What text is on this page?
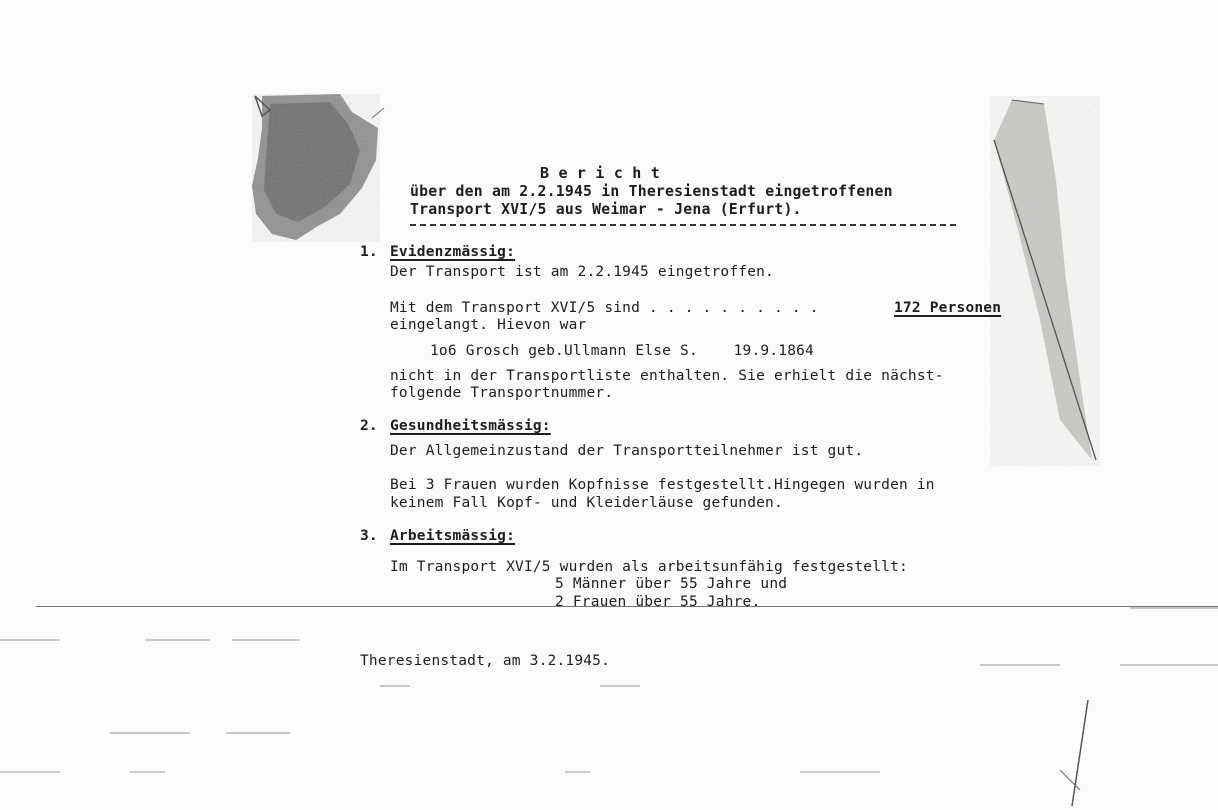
B e r i c h t
über den am 2.2.1945 in Theresienstadt eingetroffenen
Transport XVI/5 aus Weimar - Jena (Erfurt).
1. Evidenzmässig:
Der Transport ist am 2.2.1945 eingetroffen.
Mit dem Transport XVI/5 sind . . . . . . . . . .	172 Personen
eingelangt. Hievon war
1o6 Grosch geb.Ullmann Else S.    19.9.1864
nicht in der Transportliste enthalten. Sie erhielt die nächst-
folgende Transportnummer.
2. Gesundheitsmässig:
Der Allgemeinzustand der Transportteilnehmer ist gut.
Bei 3 Frauen wurden Kopfnisse festgestellt.Hingegen wurden in
keinem Fall Kopf- und Kleiderläuse gefunden.
3. Arbeitsmässig:
Im Transport XVI/5 wurden als arbeitsunfähig festgestellt:
5 Männer über 55 Jahre und
2 Frauen über 55 Jahre.
Theresienstadt, am 3.2.1945.
